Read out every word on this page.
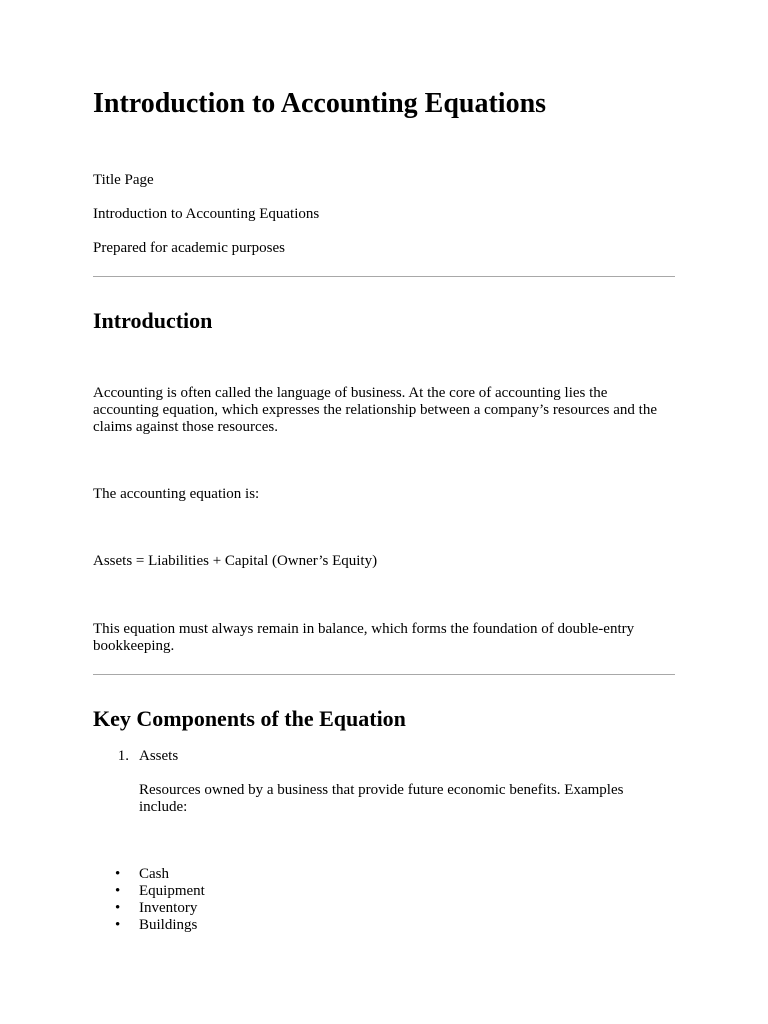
Introduction to Accounting Equations

Title Page

Introduction to Accounting Equations

Prepared for academic purposes

Introduction

Accounting is often called the language of business. At the core of accounting lies the accounting equation, which expresses the relationship between a company’s resources and the claims against those resources.

The accounting equation is:

Assets = Liabilities + Capital (Owner’s Equity)

This equation must always remain in balance, which forms the foundation of double-entry bookkeeping.

Key Components of the Equation
1. Assets

Resources owned by a business that provide future economic benefits. Examples include:

•	Cash
•	Equipment
•	Inventory
•	Buildings
